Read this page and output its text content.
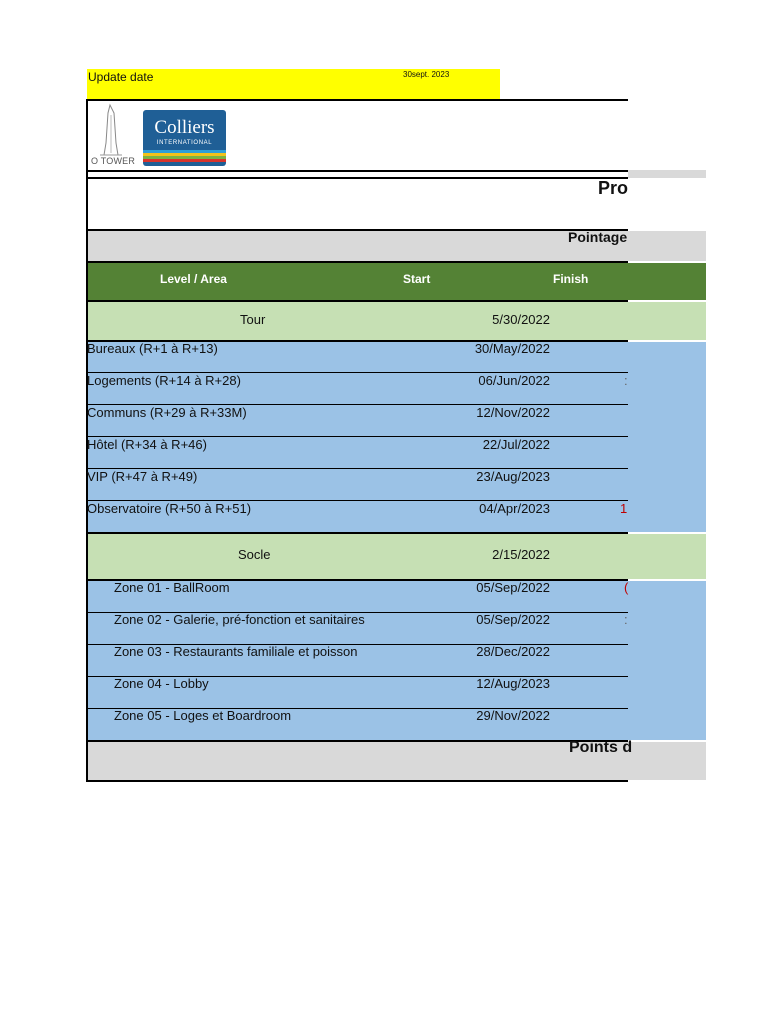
Update date	30sept. 2023
O TOWER
Colliers
INTERNATIONAL
Pro
Pointage
Level / Area	Start	Finish
Tour	5/30/2022
Bureaux (R+1 à R+13)	30/May/2022
Logements (R+14 à R+28)	06/Jun/2022	:
Communs (R+29 à R+33M)	12/Nov/2022
Hôtel (R+34 à R+46)	22/Jul/2022
VIP (R+47 à R+49)	23/Aug/2023
Observatoire (R+50 à R+51)	04/Apr/2023	1
Socle	2/15/2022
Zone 01 - BallRoom	05/Sep/2022	(
Zone 02 - Galerie, pré-fonction et sanitaires	05/Sep/2022	:
Zone 03 - Restaurants familiale et poisson	28/Dec/2022
Zone 04 - Lobby	12/Aug/2023
Zone 05 - Loges et Boardroom	29/Nov/2022
Points d
